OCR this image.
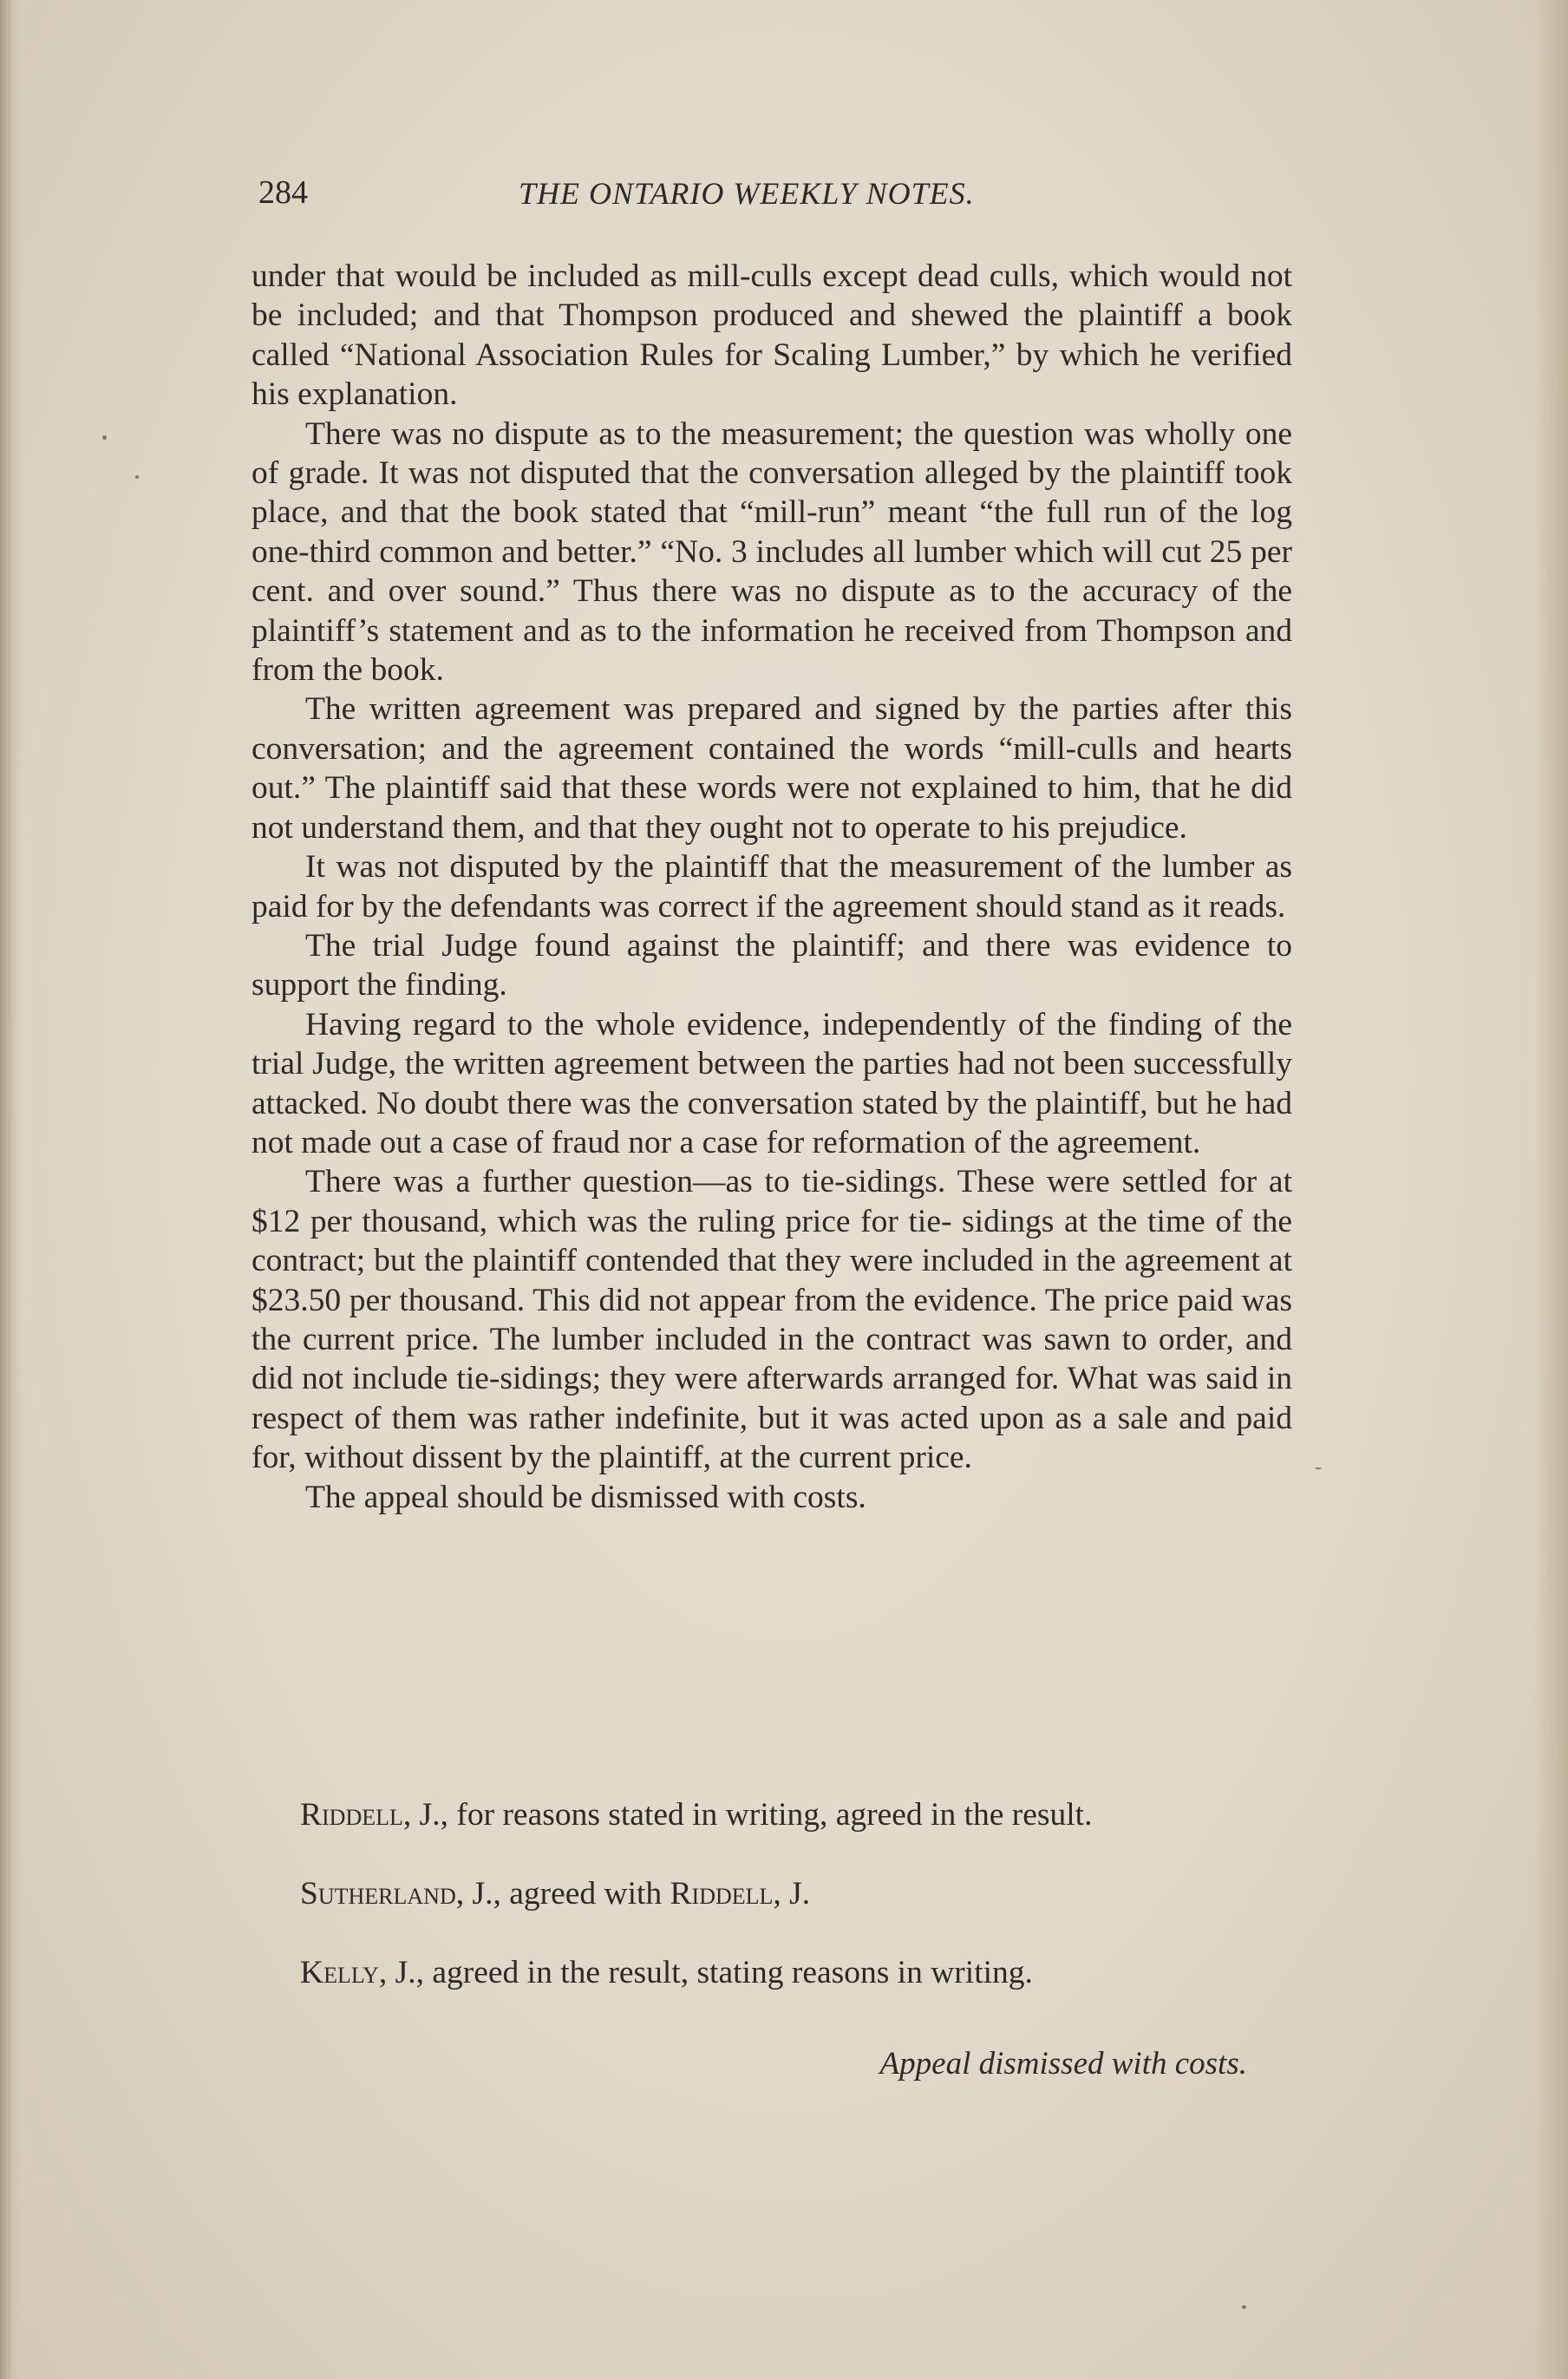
284	THE ONTARIO WEEKLY NOTES.

under that would be included as mill-culls except dead culls, which would not be included; and that Thompson produced and shewed the plaintiff a book called “National Association Rules for Scaling Lumber,” by which he verified his explanation.

There was no dispute as to the measurement; the question was wholly one of grade. It was not disputed that the conversation alleged by the plaintiff took place, and that the book stated that “mill-run” meant “the full run of the log one-third common and better.” “No. 3 includes all lumber which will cut 25 per cent. and over sound.” Thus there was no dispute as to the accuracy of the plaintiff’s statement and as to the information he received from Thompson and from the book.

The written agreement was prepared and signed by the parties after this conversation; and the agreement contained the words “mill-culls and hearts out.” The plaintiff said that these words were not explained to him, that he did not understand them, and that they ought not to operate to his prejudice.

It was not disputed by the plaintiff that the measurement of the lumber as paid for by the defendants was correct if the agreement should stand as it reads.

The trial Judge found against the plaintiff; and there was evidence to support the finding.

Having regard to the whole evidence, independently of the finding of the trial Judge, the written agreement between the parties had not been successfully attacked. No doubt there was the conversation stated by the plaintiff, but he had not made out a case of fraud nor a case for reformation of the agreement.

There was a further question—as to tie-sidings. These were settled for at $12 per thousand, which was the ruling price for tie- sidings at the time of the contract; but the plaintiff contended that they were included in the agreement at $23.50 per thousand. This did not appear from the evidence. The price paid was the current price. The lumber included in the contract was sawn to order, and did not include tie-sidings; they were afterwards arranged for. What was said in respect of them was rather indefinite, but it was acted upon as a sale and paid for, without dissent by the plaintiff, at the current price.

The appeal should be dismissed with costs.

Riddell, J., for reasons stated in writing, agreed in the result.

Sutherland, J., agreed with Riddell, J.

Kelly, J., agreed in the result, stating reasons in writing.

Appeal dismissed with costs.
